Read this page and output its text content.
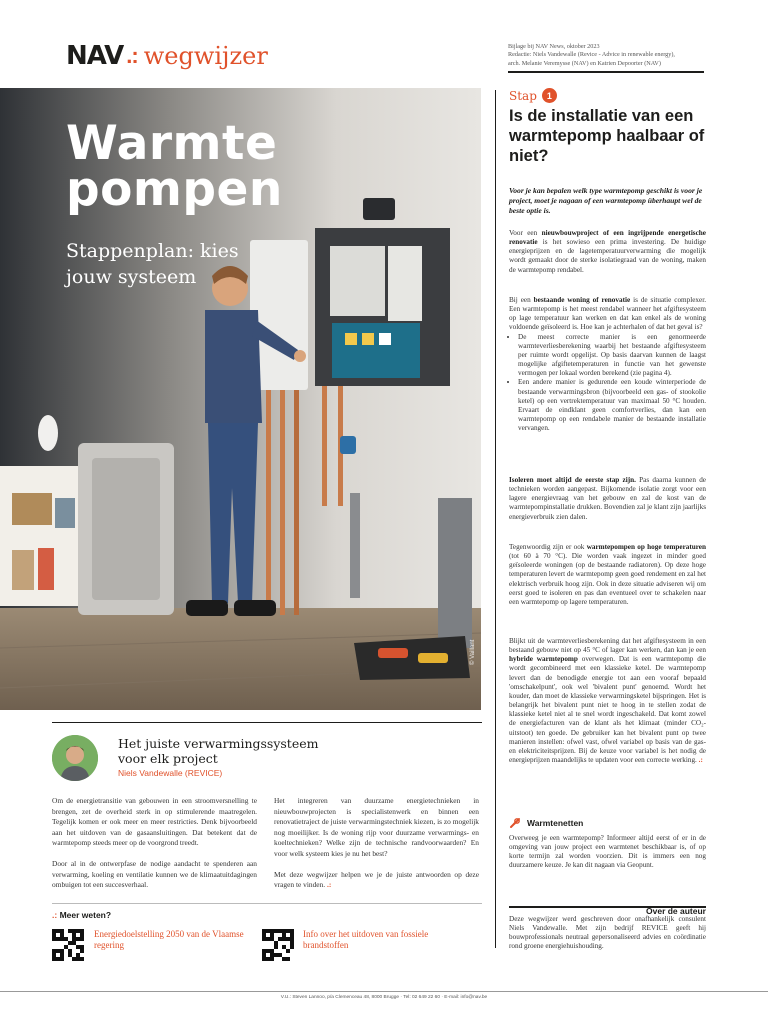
NAV .: wegwijzer	Bijlage bij NAV News, oktober 2023
Redactie: Niels Vandewalle (Revice - Advice in renewable energy),
arch. Melanie Veremysse (NAV) en Katrien Depoorter (NAV)
Warmte
pompen
Stappenplan: kies jouw systeem
© Vaillant
Het juiste verwarmingssysteem voor elk project
Niels Vandewalle (REVICE)

Om de energietransitie van gebouwen in een stroomversnelling te brengen, zet de overheid sterk in op stimulerende maatregelen. Tegelijk komen er ook meer en meer restricties. Denk bijvoorbeeld aan het uitdoven van de gasaansluitingen. Dat betekent dat de warmtepomp steeds meer op de voorgrond treedt.

Door al in de ontwerpfase de nodige aandacht te spenderen aan verwarming, koeling en ventilatie kunnen we de klimaatuitdagingen ombuigen tot een succesverhaal.

Het integreren van duurzame energietechnieken in nieuwbouwprojecten is specialistenwerk en binnen een renovatietraject de juiste verwarmingstechniek kiezen, is zo mogelijk nog moeilijker. Is de woning rijp voor duurzame verwarmings- en koeltechnieken? Welke zijn de technische randvoorwaarden? En voor welk systeem kies je nu het best?

Met deze wegwijzer helpen we je de juiste antwoorden op deze vragen te vinden. .:

.: Meer weten?
Energiedoelstelling 2050 van de Vlaamse regering
Info over het uitdoven van fossiele brandstoffen
Stap	1
Is de installatie van een warmtepomp haalbaar of niet?
Voor je kan bepalen welk type warmtepomp geschikt is voor je project, moet je nagaan of een warmtepomp überhaupt wel de beste optie is.
Voor een nieuwbouwproject of een ingrijpende energetische renovatie is het sowieso een prima investering. De huidige energieprijzen en de lagetemperatuurverwarming die mogelijk wordt gemaakt door de sterke isolatiegraad van de woning, maken de warmtepomp rendabel.
Bij een bestaande woning of renovatie is de situatie complexer. Een warmtepomp is het meest rendabel wanneer het afgiftesysteem op lage temperatuur kan werken en dat kan enkel als de woning voldoende geïsoleerd is. Hoe kan je achterhalen of dat het geval is?
• De meest correcte manier is een genormeerde warmteverliesberekening waarbij het bestaande afgiftesysteem per ruimte wordt opgelijst. Op basis daarvan kunnen de laagst mogelijke afgiftetemperaturen in functie van het gewenste vermogen per lokaal worden berekend (zie pagina 4).
• Een andere manier is gedurende een koude winterperiode de bestaande verwarmingsbron (bijvoorbeeld een gas- of stookolie ketel) op een vertrektemperatuur van maximaal 50 °C houden. Ervaart de eindklant geen comfortverlies, dan kan een warmtepomp op een rendabele manier de bestaande installatie vervangen.
Isoleren moet altijd de eerste stap zijn. Pas daarna kunnen de technieken worden aangepast. Bijkomende isolatie zorgt voor een lagere energievraag van het gebouw en zal de kost van de warmtepompinstallatie drukken. Bovendien zal je klant zijn jaarlijks energieverbruik zien dalen.
Tegenwoordig zijn er ook warmtepompen op hoge temperaturen (tot 60 à 70 °C). Die worden vaak ingezet in minder goed geïsoleerde woningen (op de bestaande radiatoren). Op deze hoge temperaturen levert de warmtepomp geen goed rendement en zal het elektrisch verbruik hoog zijn. Ook in deze situatie adviseren wij om eerst goed te isoleren en pas dan eventueel over te schakelen naar een warmtepomp op lagere temperaturen.
Blijkt uit de warmteverliesberekening dat het afgiftesysteem in een bestaand gebouw niet op 45 °C of lager kan werken, dan kan je een hybride warmtepomp overwegen. Dat is een warmtepomp die wordt gecombineerd met een klassieke ketel. De warmtepomp levert dan de benodigde energie tot aan een vooraf bepaald 'omschakelpunt', ook wel 'bivalent punt' genoemd. Wordt het kouder, dan moet de klassieke verwarmingsketel bijspringen. Het is belangrijk het bivalent punt niet te hoog in te stellen zodat de klassieke ketel niet al te snel wordt ingeschakeld. Dat komt zowel de energiefacturen van de klant als het klimaat (minder CO₂-uitstoot) ten goede. De gebruiker kan het bivalent punt op twee manieren instellen: ofwel vast, ofwel variabel op basis van de gas- en elektriciteitsprijzen. Bij de keuze voor variabel is het nodig de energieprijzen maandelijks te updaten voor een correcte werking. .:
Warmtenetten
Overweeg je een warmtepomp? Informeer altijd eerst of er in de omgeving van jouw project een warmtenet beschikbaar is, of op korte termijn zal worden voorzien. Dit is immers een nog duurzamere keuze. Je kan dit nagaan via Geopunt.
Over de auteur
Deze wegwijzer werd geschreven door onafhankelijk consulent Niels Vandewalle. Met zijn bedrijf REVICE geeft hij bouwprofessionals neutraal gepersonaliseerd advies en coördinatie rond groene energiehuishouding.
V.U.: Steven Lannoo, p/a Clemenceau 48, 8000 Brugge · Tel: 02 649 22 60 · E-mail: info@nav.be
